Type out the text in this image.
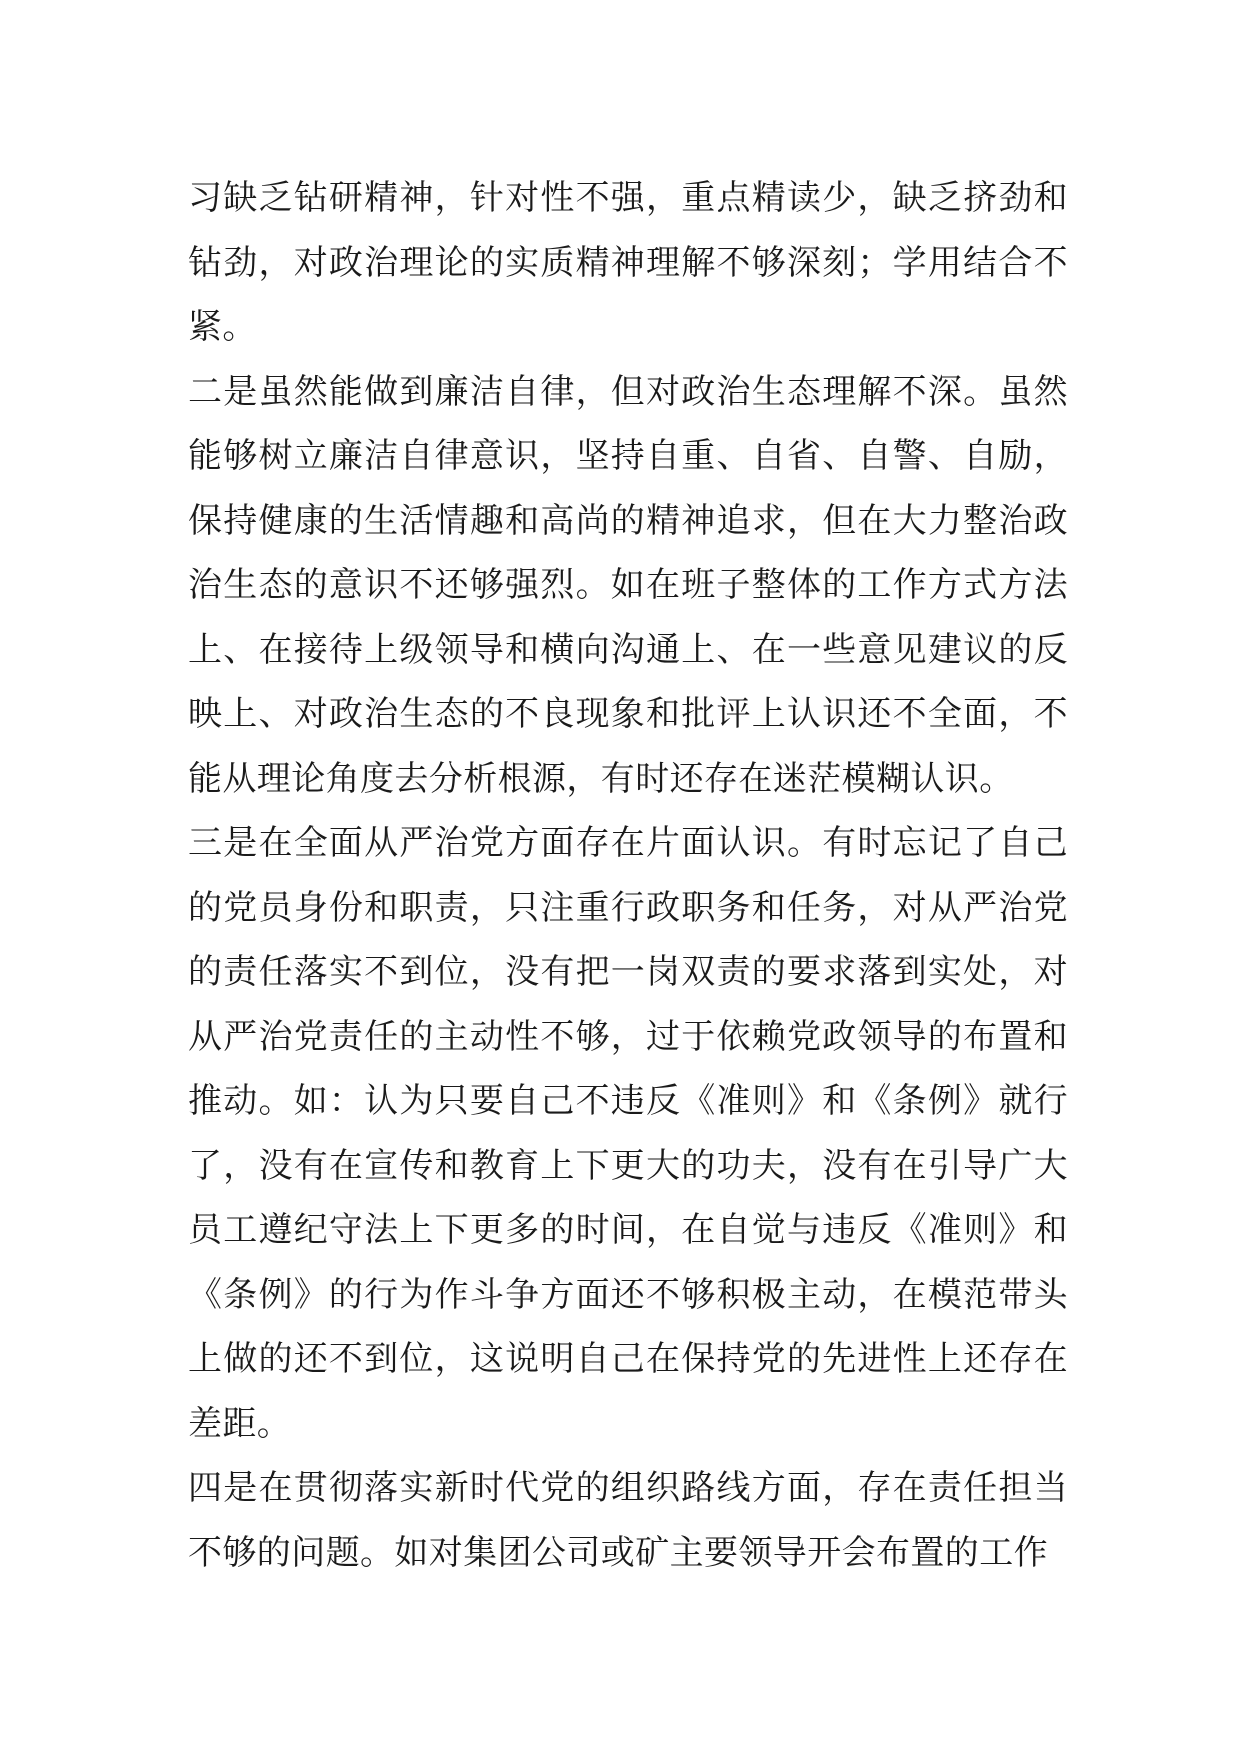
习缺乏钻研精神，针对性不强，重点精读少，缺乏挤劲和钻劲，对政治理论的实质精神理解不够深刻；学用结合不紧。

二是虽然能做到廉洁自律，但对政治生态理解不深。虽然能够树立廉洁自律意识，坚持自重、自省、自警、自励，保持健康的生活情趣和高尚的精神追求，但在大力整治政治生态的意识不还够强烈。如在班子整体的工作方式方法上、在接待上级领导和横向沟通上、在一些意见建议的反映上、对政治生态的不良现象和批评上认识还不全面，不能从理论角度去分析根源，有时还存在迷茫模糊认识。

三是在全面从严治党方面存在片面认识。有时忘记了自己的党员身份和职责，只注重行政职务和任务，对从严治党的责任落实不到位，没有把一岗双责的要求落到实处，对从严治党责任的主动性不够，过于依赖党政领导的布置和推动。如：认为只要自己不违反《准则》和《条例》就行了，没有在宣传和教育上下更大的功夫，没有在引导广大员工遵纪守法上下更多的时间，在自觉与违反《准则》和《条例》的行为作斗争方面还不够积极主动，在模范带头上做的还不到位，这说明自己在保持党的先进性上还存在差距。

四是在贯彻落实新时代党的组织路线方面，存在责任担当不够的问题。如对集团公司或矿主要领导开会布置的工作
